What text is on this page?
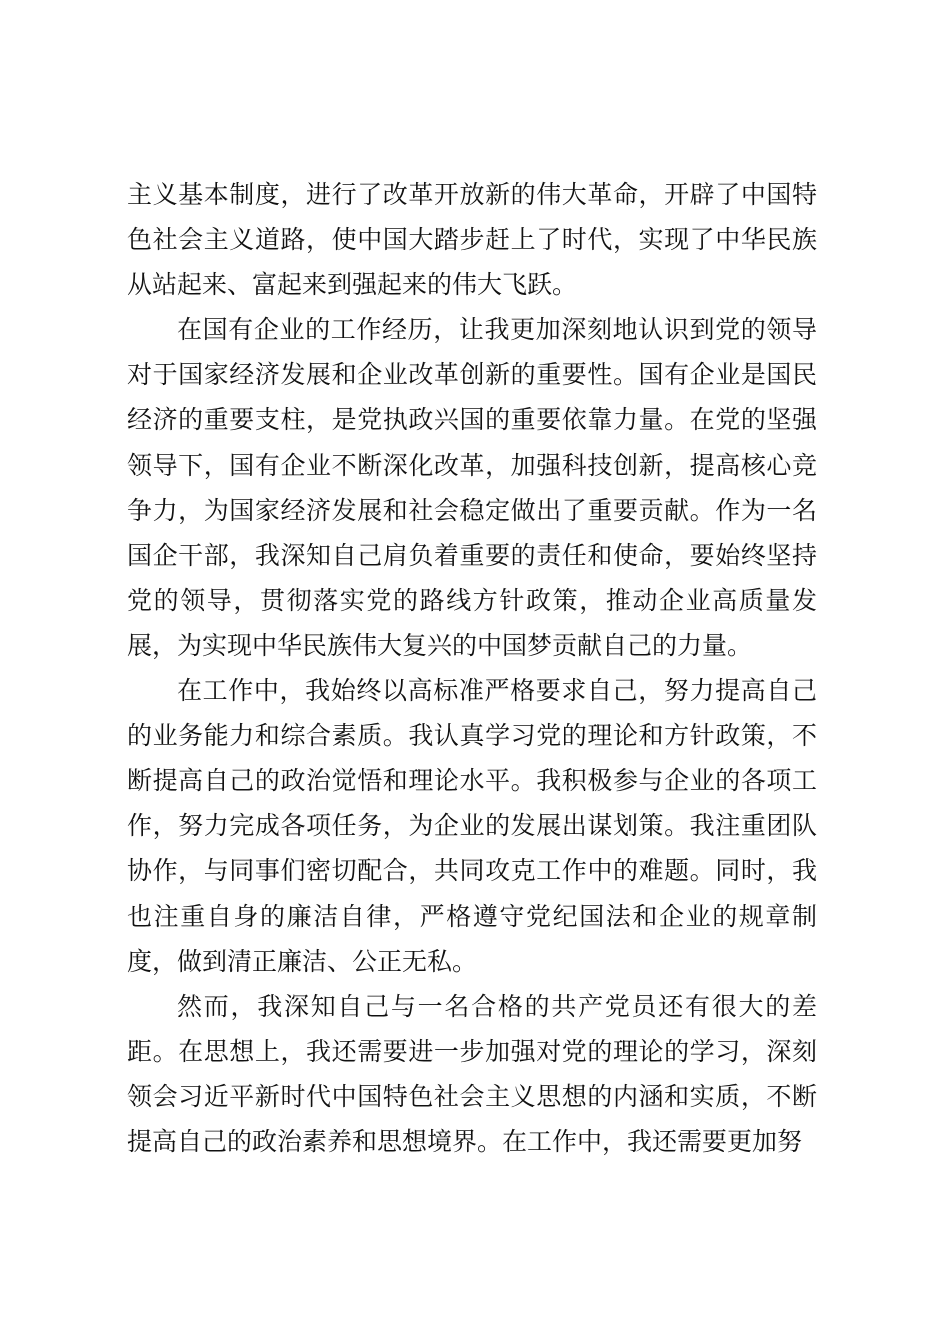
主义基本制度，进行了改革开放新的伟大革命，开辟了中国特色社会主义道路，使中国大踏步赶上了时代，实现了中华民族从站起来、富起来到强起来的伟大飞跃。
在国有企业的工作经历，让我更加深刻地认识到党的领导对于国家经济发展和企业改革创新的重要性。国有企业是国民经济的重要支柱，是党执政兴国的重要依靠力量。在党的坚强领导下，国有企业不断深化改革，加强科技创新，提高核心竞争力，为国家经济发展和社会稳定做出了重要贡献。作为一名国企干部，我深知自己肩负着重要的责任和使命，要始终坚持党的领导，贯彻落实党的路线方针政策，推动企业高质量发展，为实现中华民族伟大复兴的中国梦贡献自己的力量。
在工作中，我始终以高标准严格要求自己，努力提高自己的业务能力和综合素质。我认真学习党的理论和方针政策，不断提高自己的政治觉悟和理论水平。我积极参与企业的各项工作，努力完成各项任务，为企业的发展出谋划策。我注重团队协作，与同事们密切配合，共同攻克工作中的难题。同时，我也注重自身的廉洁自律，严格遵守党纪国法和企业的规章制度，做到清正廉洁、公正无私。
然而，我深知自己与一名合格的共产党员还有很大的差距。在思想上，我还需要进一步加强对党的理论的学习，深刻领会习近平新时代中国特色社会主义思想的内涵和实质，不断提高自己的政治素养和思想境界。在工作中，我还需要更加努
